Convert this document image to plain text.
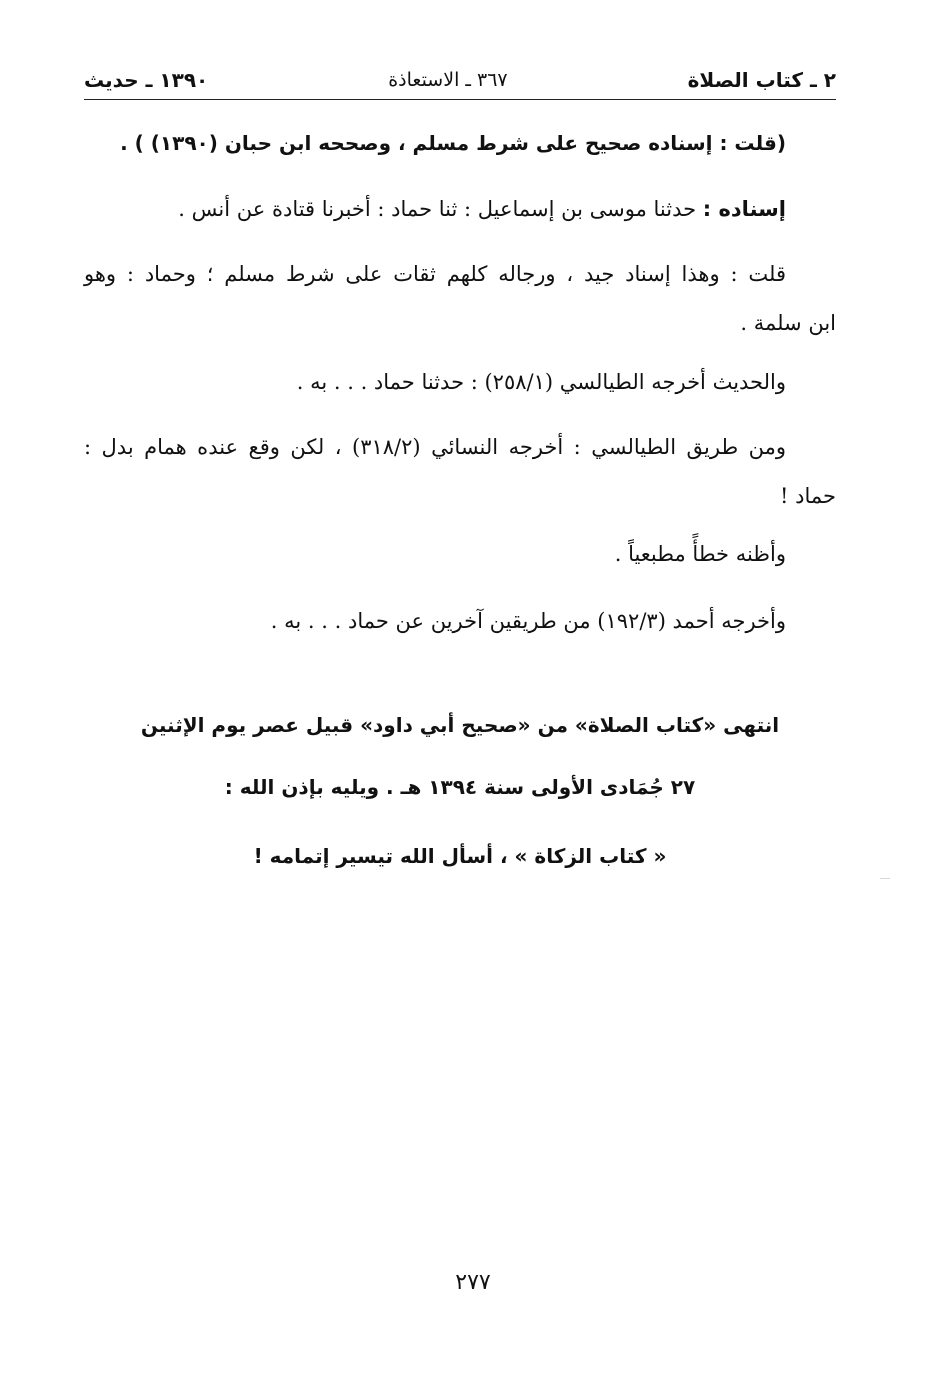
٢ ـ كتاب الصلاة
٣٦٧ ـ الاستعاذة
١٣٩٠ ـ حديث
(قلت : إسناده صحيح على شرط مسلم ، وصححه ابن حبان (١٣٩٠) ) .
إسناده : حدثنا موسى بن إسماعيل : ثنا حماد : أخبرنا قتادة عن أنس .
قلت : وهذا إسناد جيد ، ورجاله كلهم ثقات على شرط مسلم ؛ وحماد : وهو
ابن سلمة .
والحديث أخرجه الطيالسي (٢٥٨/١) : حدثنا حماد . . . به .
ومن طريق الطيالسي : أخرجه النسائي (٣١٨/٢) ، لكن وقع عنده همام بدل :
حماد !
وأظنه خطأً مطبعياً .
وأخرجه أحمد (١٩٢/٣) من طريقين آخرين عن حماد . . . به .
انتهى «كتاب الصلاة» من «صحيح أبي داود» قبيل عصر يوم الإثنين
٢٧ جُمَادى الأولى سنة ١٣٩٤ هـ . ويليه بإذن الله :
« كتاب الزكاة » ، أسأل الله تيسير إتمامه !
٢٧٧
